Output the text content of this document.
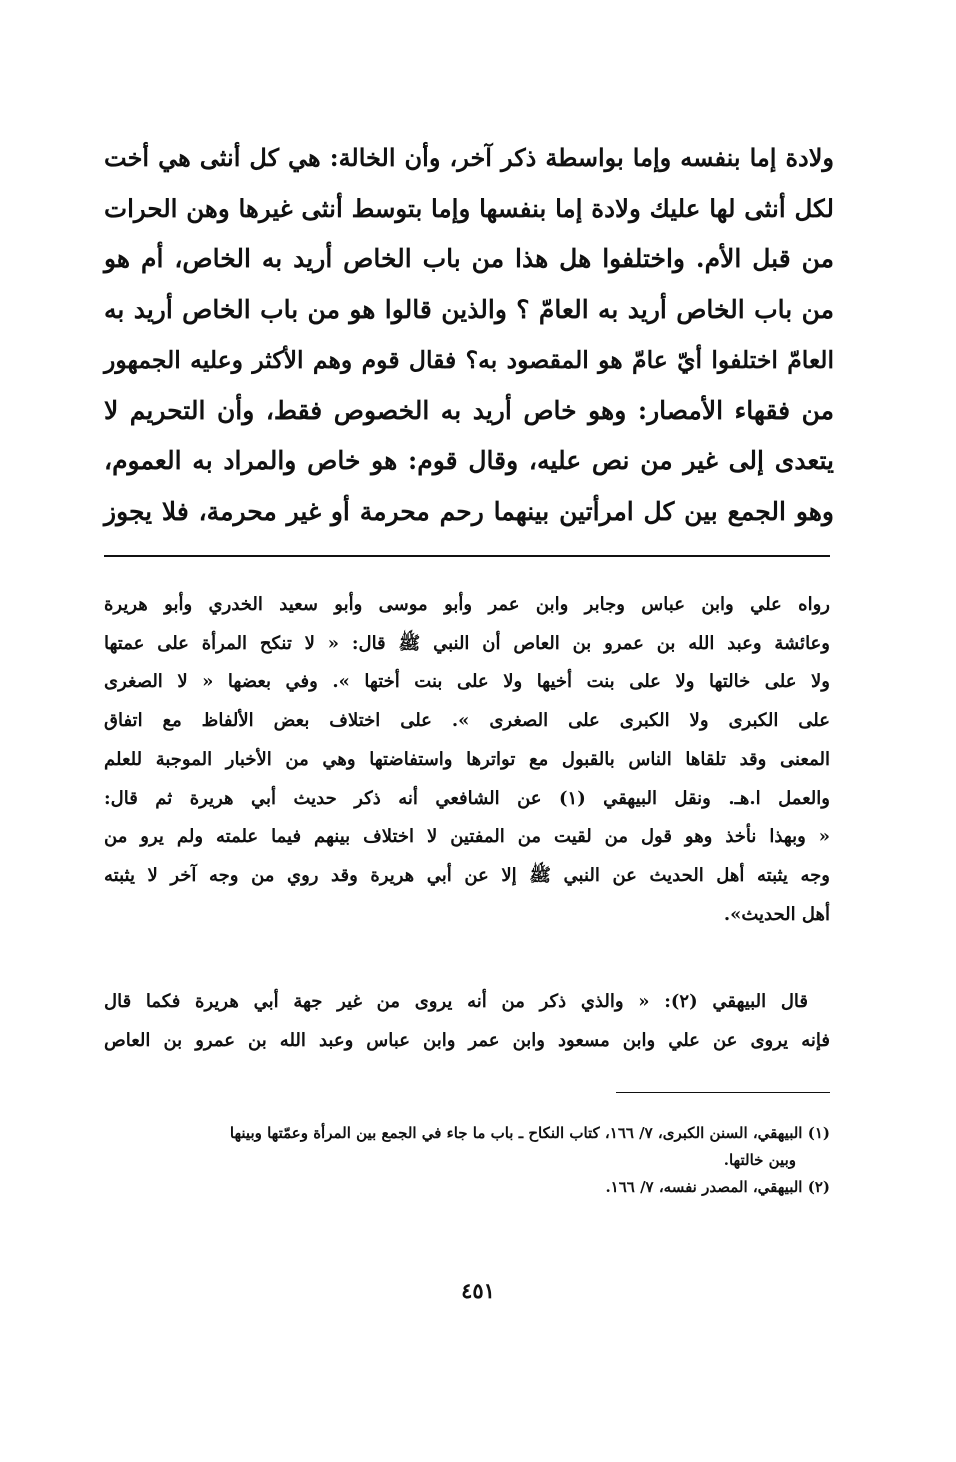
ولادة إما بنفسه وإما بواسطة ذكر آخر، وأن الخالة: هي كل أنثى هي أخت
لكل أنثى لها عليك ولادة إما بنفسها وإما بتوسط أنثى غيرها وهن الحرات
من قبل الأم. واختلفوا هل هذا من باب الخاص أريد به الخاص، أم هو
من باب الخاص أريد به العامّ ؟ والذين قالوا هو من باب الخاص أريد به
العامّ اختلفوا أيّ عامّ هو المقصود به؟ فقال قوم وهم الأكثر وعليه الجمهور
من فقهاء الأمصار: وهو خاص أريد به الخصوص فقط، وأن التحريم لا
يتعدى إلى غير من نص عليه، وقال قوم: هو خاص والمراد به العموم،
وهو الجمع بين كل امرأتين بينهما رحم محرمة أو غير محرمة، فلا يجوز
رواه علي وابن عباس وجابر وابن عمر وأبو موسى وأبو سعيد الخدري وأبو هريرة
وعائشة وعبد الله بن عمرو بن العاص أن النبي ﷺ قال: « لا تنكح المرأة على عمتها
ولا على خالتها ولا على بنت أخيها ولا على بنت أختها ». وفي بعضها « لا الصغرى
على الكبرى ولا الكبرى على الصغرى ». على اختلاف بعض الألفاظ مع اتفاق
المعنى وقد تلقاها الناس بالقبول مع تواترها واستفاضتها وهي من الأخبار الموجبة للعلم
والعمل ا.هـ. ونقل البيهقي (١) عن الشافعي أنه ذكر حديث أبي هريرة ثم قال:
« وبهذا نأخذ وهو قول من لقيت من المفتين لا اختلاف بينهم فيما علمته ولم يرو من
وجه يثبته أهل الحديث عن النبي ﷺ إلا عن أبي هريرة وقد روي من وجه آخر لا يثبته
أهل الحديث».
قال البيهقي (٢): « والذي ذكر من أنه يروى من غير جهة أبي هريرة فكما قال
فإنه يروى عن علي وابن مسعود وابن عمر وابن عباس وعبد الله بن عمرو بن العاص
(١) البيهقي، السنن الكبرى، ٧/ ١٦٦، كتاب النكاح ـ باب ما جاء في الجمع بين المرأة وعمّتها وبينها
وبين خالتها.
(٢) البيهقي، المصدر نفسه، ٧/ ١٦٦.
٤٥١
